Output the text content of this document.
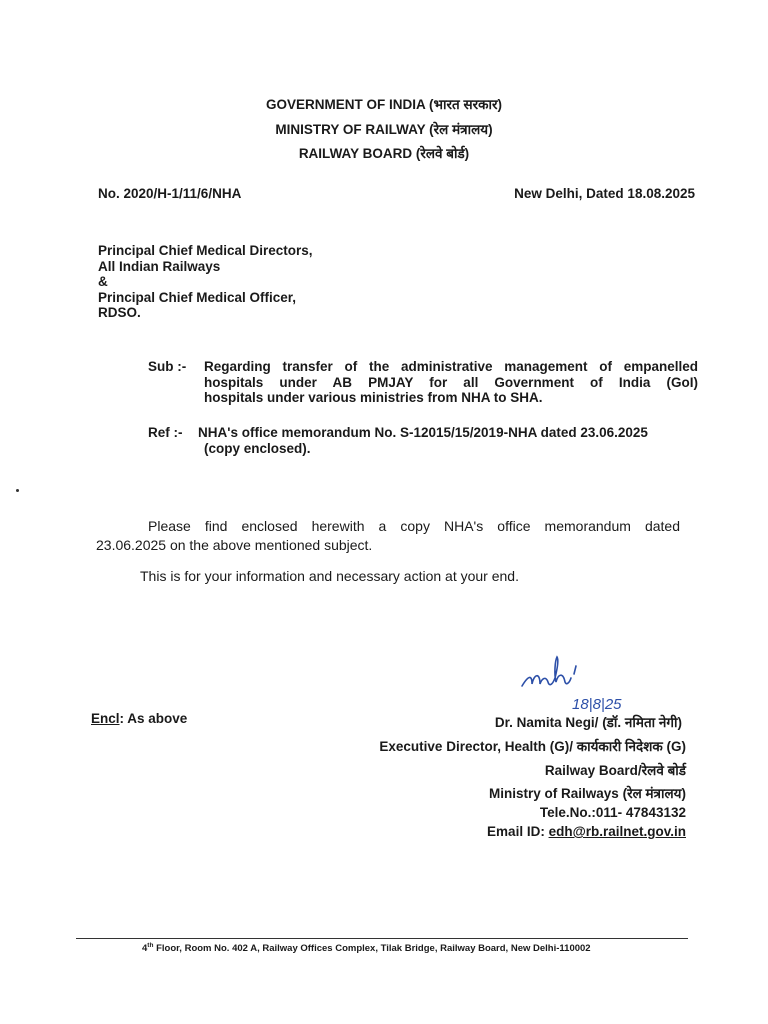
GOVERNMENT OF INDIA (भारत सरकार)
MINISTRY OF RAILWAY (रेल मंत्रालय)
RAILWAY BOARD (रेलवे बोर्ड)
No. 2020/H-1/11/6/NHA	New Delhi, Dated 18.08.2025
Principal Chief Medical Directors,
All Indian Railways
&
Principal Chief Medical Officer,
RDSO.
Sub :- Regarding transfer of the administrative management of empanelled
hospitals under AB PMJAY for all Government of India (GoI)
hospitals under various ministries from NHA to SHA.
Ref :- NHA's office memorandum No. S-12015/15/2019-NHA dated 23.06.2025
(copy enclosed).
Please find enclosed herewith a copy NHA's office memorandum dated
23.06.2025 on the above mentioned subject.
This is for your information and necessary action at your end.
18|8|25
Encl: As above	Dr. Namita Negi/ (डॉ. नमिता नेगी)
Executive Director, Health (G)/ कार्यकारी निदेशक (G)
Railway Board/रेलवे बोर्ड
Ministry of Railways (रेल मंत्रालय)
Tele.No.:011- 47843132
Email ID: edh@rb.railnet.gov.in
4th Floor, Room No. 402 A, Railway Offices Complex, Tilak Bridge, Railway Board, New Delhi-110002
